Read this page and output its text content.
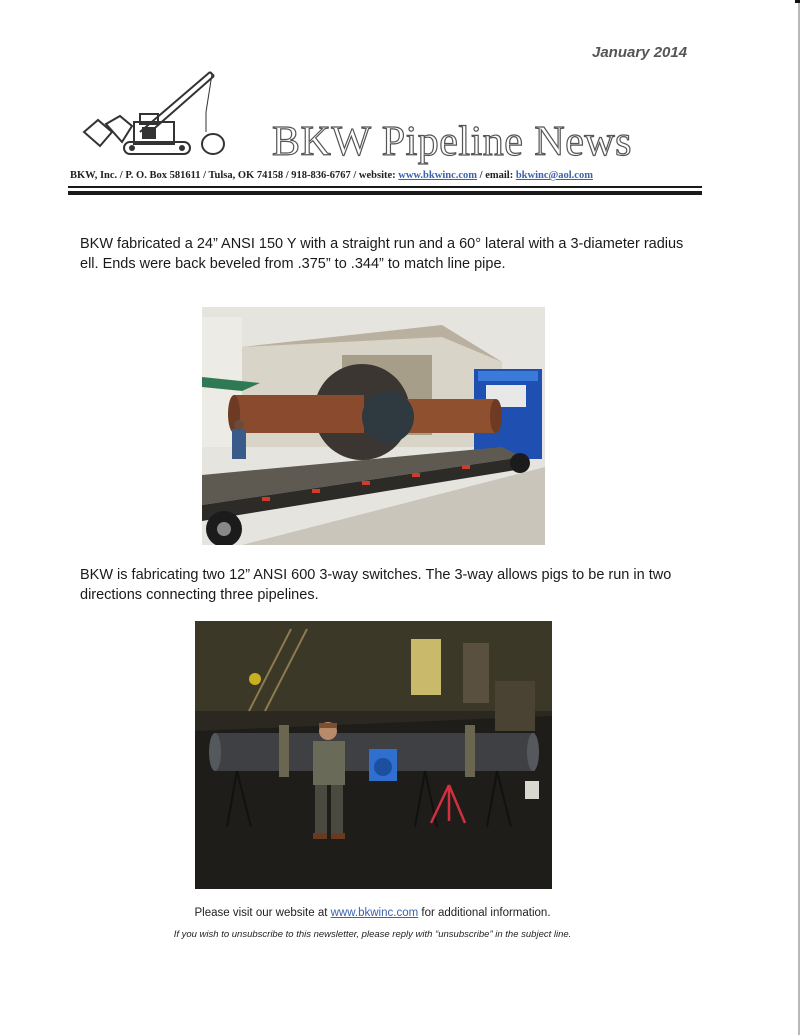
January 2014
BKW Pipeline News
BKW, Inc. / P. O. Box 581611 / Tulsa, OK 74158 / 918-836-6767 / website: www.bkwinc.com / email: bkwinc@aol.com
BKW fabricated a 24” ANSI 150 Y with a straight run and a 60° lateral with a 3-diameter radius ell. Ends were back beveled from .375” to .344” to match line pipe.
BKW is fabricating two 12” ANSI 600 3-way switches. The 3-way allows pigs to be run in two directions connecting three pipelines.
Please visit our website at www.bkwinc.com for additional information.
If you wish to unsubscribe to this newsletter, please reply with “unsubscribe” in the subject line.
